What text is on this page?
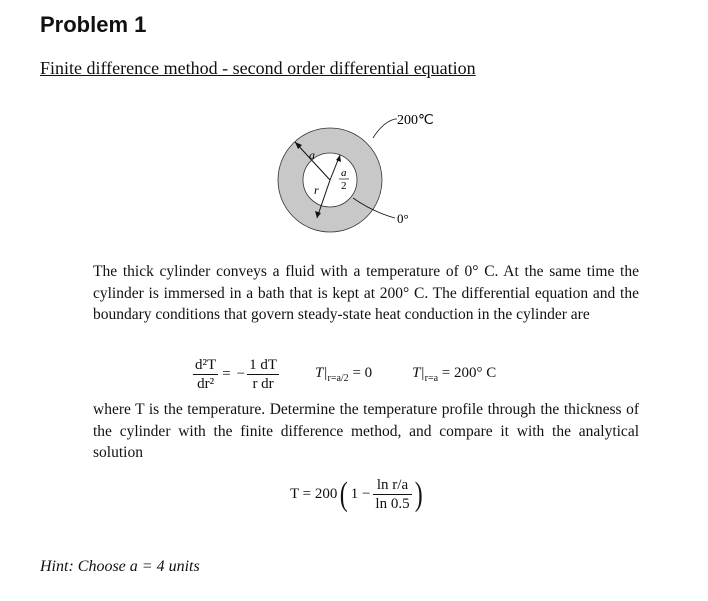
Problem 1
Finite difference method - second order differential equation
200℃
0°
a
a
2
r
The thick cylinder conveys a fluid with a temperature of 0° C. At the same time the cylinder is immersed in a bath that is kept at 200° C. The differential equation and the boundary conditions that govern steady-state heat conduction in the cylinder are
$\frac{\text{d²T}}{\text{dr²}}$ = − $\frac{1 dT}{\text{r dr}} T|_{r=a/2} = 0$	$T|_{r=a} = 200^\circ$ C
where T is the temperature. Determine the temperature profile through the thickness of the cylinder with the finite difference method, and compare it with the analytical solution
T = 200 ( $1 - \frac{\text{ln r/a}}{\ln 0.5}$ )
Hint: Choose a = 4 units
